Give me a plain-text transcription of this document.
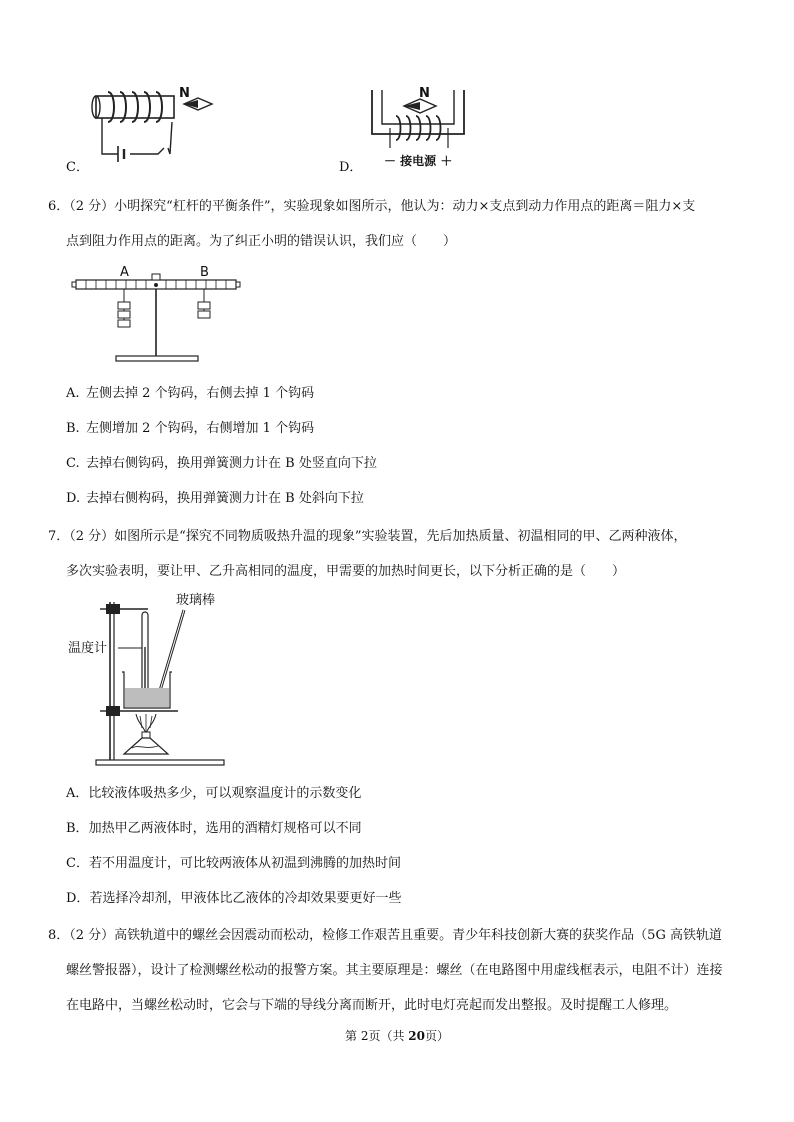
N
C．
N
－ 接电源 ＋
D．
6．（2 分）小明探究“杠杆的平衡条件”，实验现象如图所示，他认为：动力×支点到动力作用点的距离＝阻力×支
点到阻力作用点的距离。为了纠正小明的错误认识，我们应（　　）
A	B
A. 左侧去掉 2 个钩码，右侧去掉 1 个钩码
B. 左侧增加 2 个钩码，右侧增加 1 个钩码
C. 去掉右侧钩码，换用弹簧测力计在 B 处竖直向下拉
D. 去掉右侧构码，换用弹簧测力计在 B 处斜向下拉
7．（2 分）如图所示是“探究不同物质吸热升温的现象”实验装置，先后加热质量、初温相同的甲、乙两种液体，
多次实验表明，要让甲、乙升高相同的温度，甲需要的加热时间更长，以下分析正确的是（　　）
玻璃棒
温度计
A．比较液体吸热多少，可以观察温度计的示数变化
B．加热甲乙两液体时，选用的酒精灯规格可以不同
C．若不用温度计，可比较两液体从初温到沸腾的加热时间
D．若选择冷却剂，甲液体比乙液体的冷却效果要更好一些
8．（2 分）高铁轨道中的螺丝会因震动而松动，检修工作艰苦且重要。青少年科技创新大赛的获奖作品（5G 高铁轨道
螺丝警报器），设计了检测螺丝松动的报警方案。其主要原理是：螺丝（在电路图中用虚线框表示，电阻不计）连接
在电路中，当螺丝松动时，它会与下端的导线分离而断开，此时电灯亮起而发出整报。及时提醒工人修理。
第 2页（共 20页）
